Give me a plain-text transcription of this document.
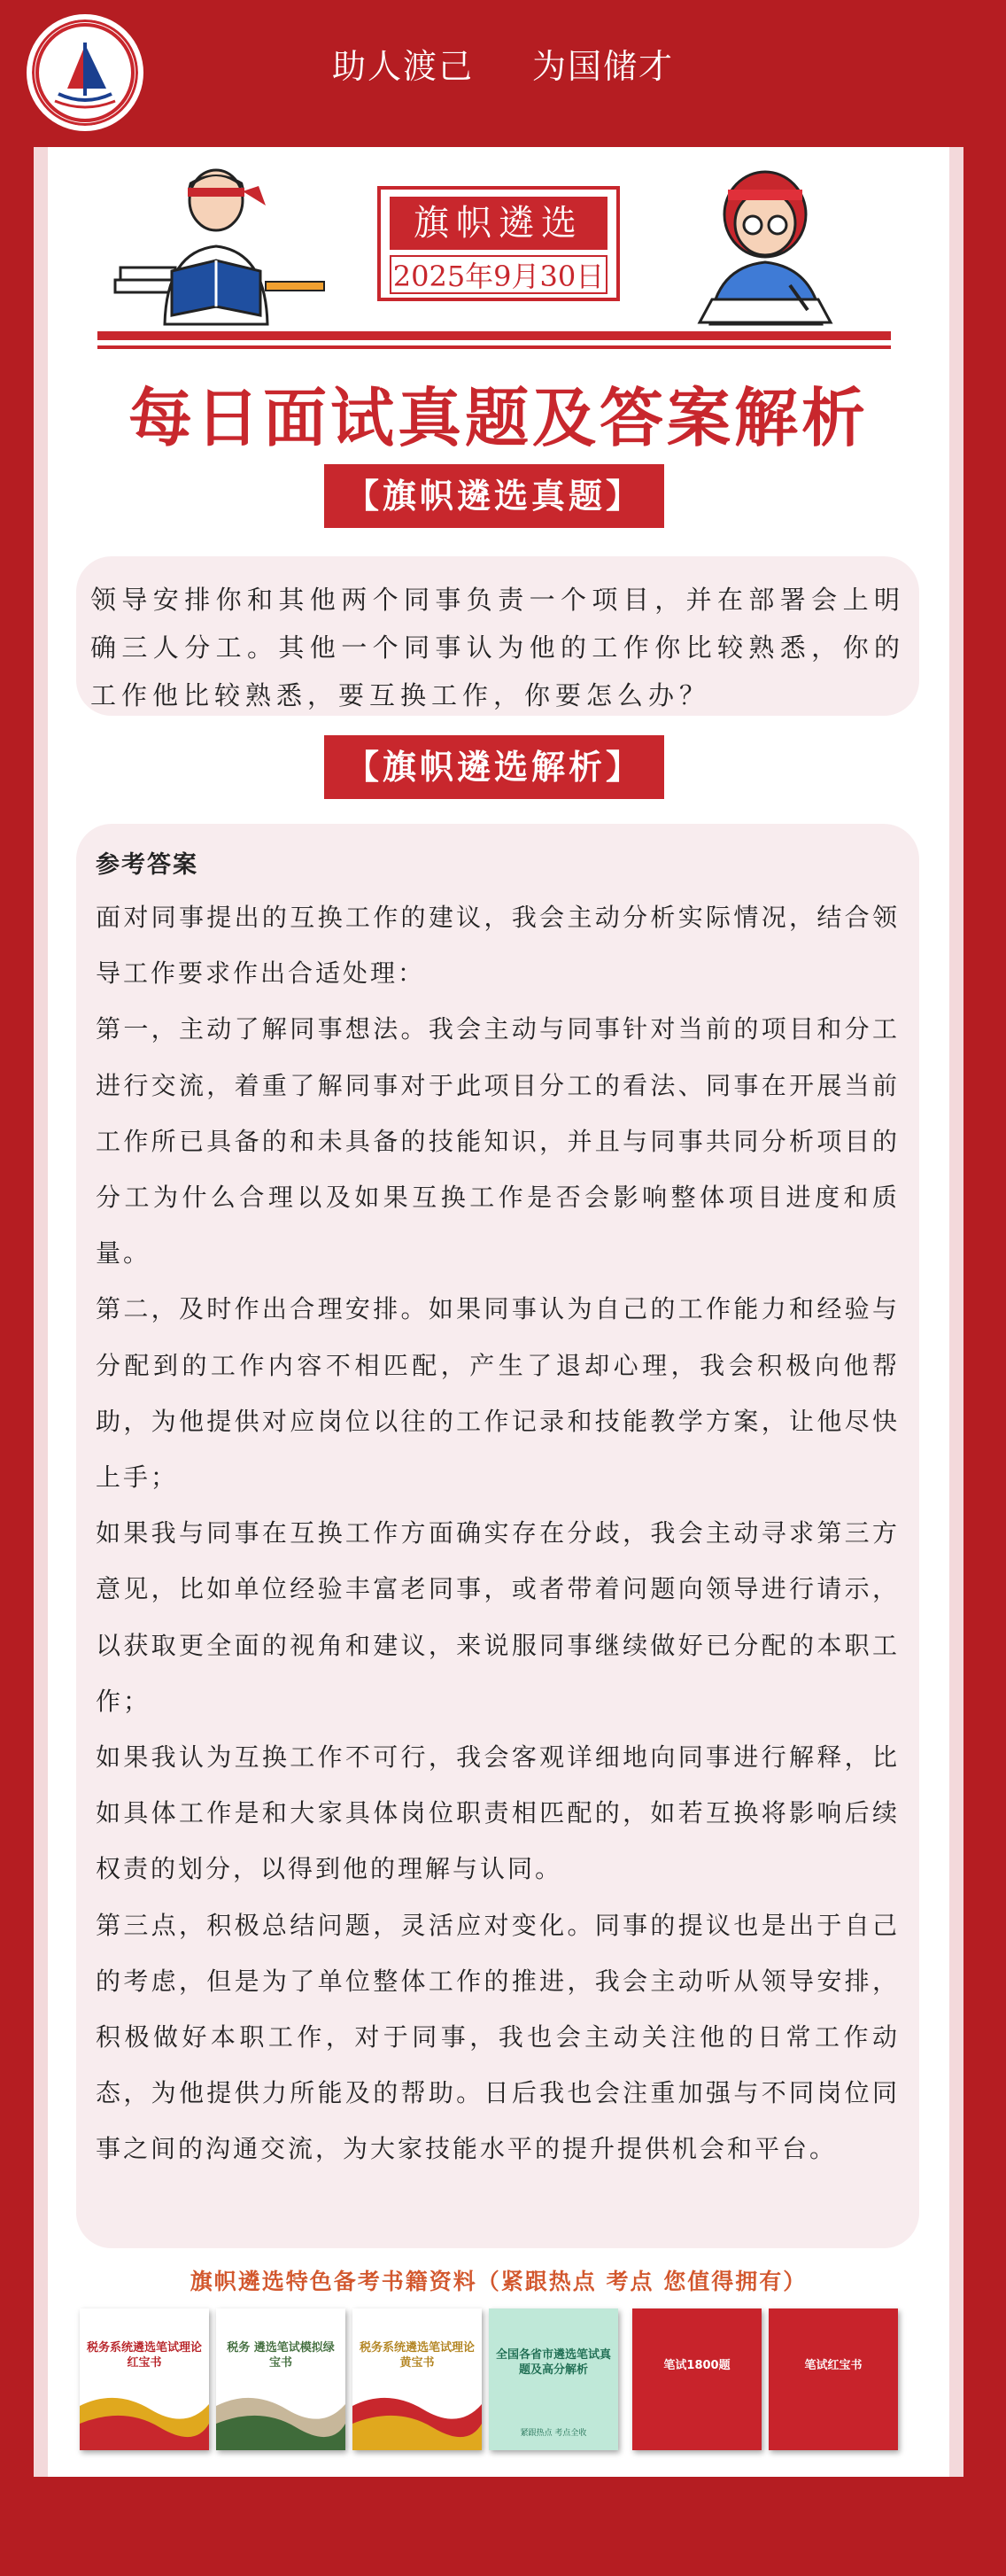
助人渡己 为国储才
旗帜遴选
2025年9月30日
每日面试真题及答案解析
【旗帜遴选真题】

领导安排你和其他两个同事负责一个项目，并在部署会上明确三人分工。其他一个同事认为他的工作你比较熟悉，你的工作他比较熟悉，要互换工作，你要怎么办？

【旗帜遴选解析】
参考答案

面对同事提出的互换工作的建议，我会主动分析实际情况，结合领导工作要求作出合适处理：

第一，主动了解同事想法。我会主动与同事针对当前的项目和分工进行交流，着重了解同事对于此项目分工的看法、同事在开展当前工作所已具备的和未具备的技能知识，并且与同事共同分析项目的分工为什么合理以及如果互换工作是否会影响整体项目进度和质量。

第二，及时作出合理安排。如果同事认为自己的工作能力和经验与分配到的工作内容不相匹配，产生了退却心理，我会积极向他帮助，为他提供对应岗位以往的工作记录和技能教学方案，让他尽快上手；

如果我与同事在互换工作方面确实存在分歧，我会主动寻求第三方意见，比如单位经验丰富老同事，或者带着问题向领导进行请示，以获取更全面的视角和建议，来说服同事继续做好已分配的本职工作；

如果我认为互换工作不可行，我会客观详细地向同事进行解释，比如具体工作是和大家具体岗位职责相匹配的，如若互换将影响后续权责的划分，以得到他的理解与认同。

第三点，积极总结问题，灵活应对变化。同事的提议也是出于自己的考虑，但是为了单位整体工作的推进，我会主动听从领导安排，积极做好本职工作，对于同事，我也会主动关注他的日常工作动态，为他提供力所能及的帮助。日后我也会注重加强与不同岗位同事之间的沟通交流，为大家技能水平的提升提供机会和平台。

旗帜遴选特色备考书籍资料（紧跟热点 考点 您值得拥有）
税务系统遴选笔试理论红宝书
税务 遴选笔试模拟绿宝书
税务系统遴选笔试理论黄宝书
全国各省市遴选笔试真题及高分解析
紧跟热点 考点全收
笔试1800题	笔试红宝书
